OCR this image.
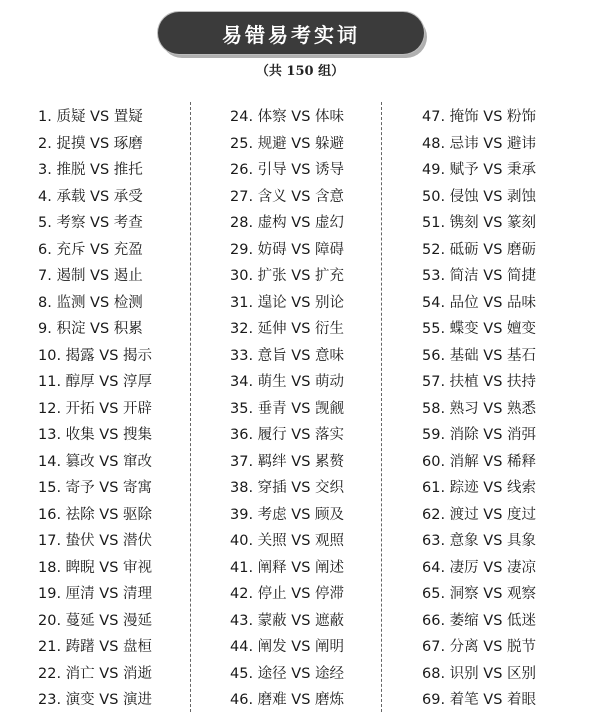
易错易考实词
（共 150 组）
1. 质疑 VS 置疑
2. 捉摸 VS 琢磨
3. 推脱 VS 推托
4. 承载 VS 承受
5. 考察 VS 考查
6. 充斥 VS 充盈
7. 遏制 VS 遏止
8. 监测 VS 检测
9. 积淀 VS 积累
10. 揭露 VS 揭示
11. 醇厚 VS 淳厚
12. 开拓 VS 开辟
13. 收集 VS 搜集
14. 篡改 VS 窜改
15. 寄予 VS 寄寓
16. 祛除 VS 驱除
17. 蛰伏 VS 潜伏
18. 睥睨 VS 审视
19. 厘清 VS 清理
20. 蔓延 VS 漫延
21. 踌躇 VS 盘桓
22. 消亡 VS 消逝
23. 演变 VS 演进
24. 体察 VS 体味
25. 规避 VS 躲避
26. 引导 VS 诱导
27. 含义 VS 含意
28. 虚构 VS 虚幻
29. 妨碍 VS 障碍
30. 扩张 VS 扩充
31. 遑论 VS 别论
32. 延伸 VS 衍生
33. 意旨 VS 意味
34. 萌生 VS 萌动
35. 垂青 VS 觊觎
36. 履行 VS 落实
37. 羁绊 VS 累赘
38. 穿插 VS 交织
39. 考虑 VS 顾及
40. 关照 VS 观照
41. 阐释 VS 阐述
42. 停止 VS 停滞
43. 蒙蔽 VS 遮蔽
44. 阐发 VS 阐明
45. 途径 VS 途经
46. 磨难 VS 磨炼
47. 掩饰 VS 粉饰
48. 忌讳 VS 避讳
49. 赋予 VS 秉承
50. 侵蚀 VS 剥蚀
51. 镌刻 VS 篆刻
52. 砥砺 VS 磨砺
53. 简洁 VS 简捷
54. 品位 VS 品味
55. 蝶变 VS 嬗变
56. 基础 VS 基石
57. 扶植 VS 扶持
58. 熟习 VS 熟悉
59. 消除 VS 消弭
60. 消解 VS 稀释
61. 踪迹 VS 线索
62. 渡过 VS 度过
63. 意象 VS 具象
64. 凄厉 VS 凄凉
65. 洞察 VS 观察
66. 萎缩 VS 低迷
67. 分离 VS 脱节
68. 识别 VS 区别
69. 着笔 VS 着眼
